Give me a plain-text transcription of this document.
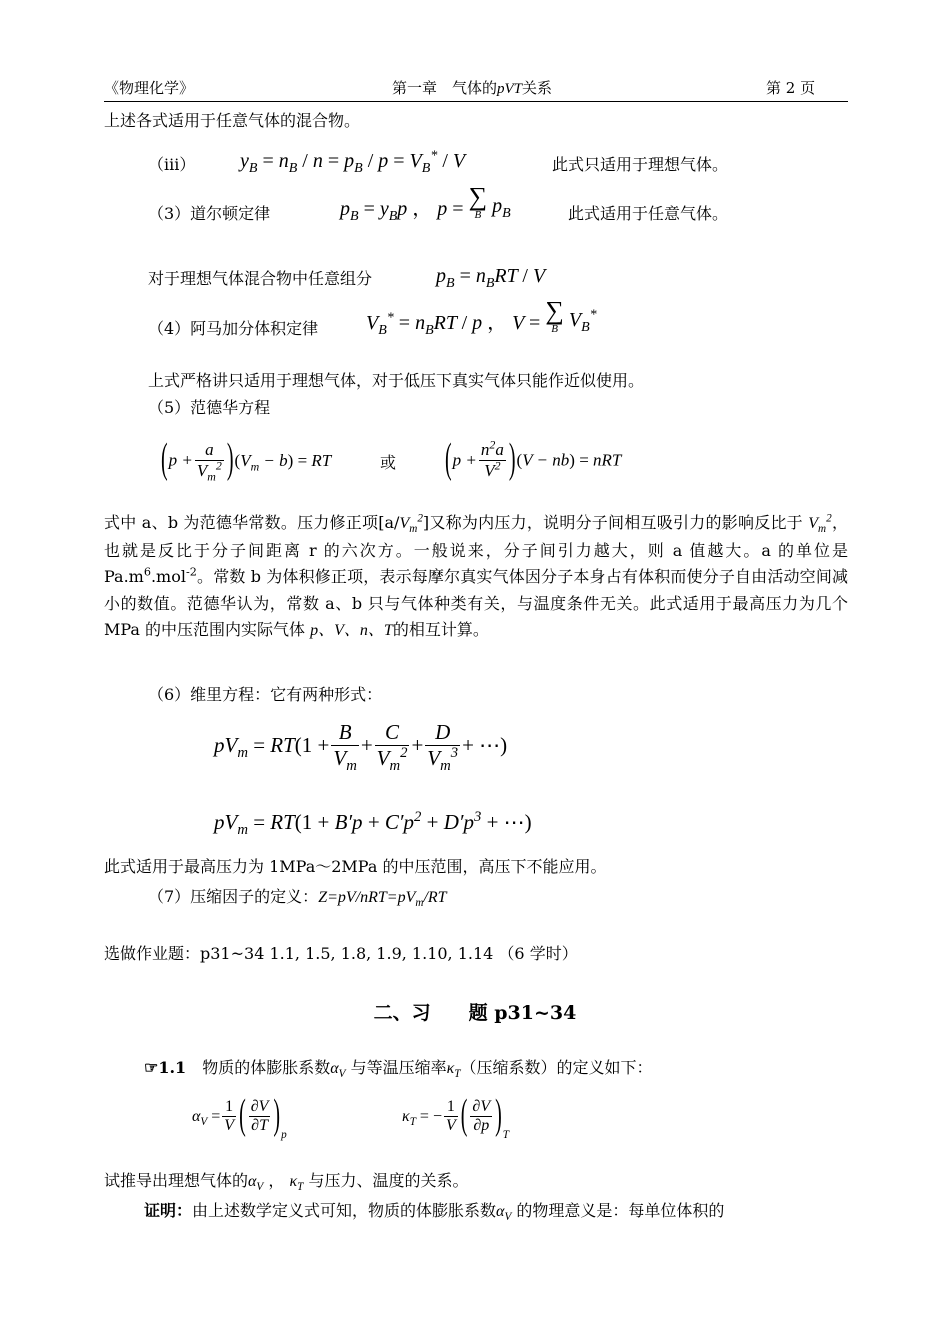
《物理化学》	第一章　气体的pVT关系	第 2 页
上述各式适用于任意气体的混合物。
（iii） $y_B = n_B / n = p_B / p = V_B^* / V$	此式只适用于理想气体。
（3）道尔顿定律	$p_B = y_Bp$ ， p = ∑
B $p_B$	此式适用于任意气体。
对于理想气体混合物中任意组分	$p_B = n_BRT / V$
（4）阿马加分体积定律 $V_B^* = n_BRT / p$ ， V = ∑
B $V_B^*$
上式严格讲只适用于理想气体，对于低压下真实气体只能作近似使用。
（5）范德华方程
$(p + \frac{a}{V_m^2} )(V_m - b)$ = RT	或 $(p + \frac{n^2a}{V^2} )(V - nb)$ = nRT
式中 a、b 为范德华常数。压力修正项$[a/V_m^2]$又称为内压力，说明分子间相互吸引力的影响反比于 $V_m^2$，也就是反比于分子间距离 r 的六次方。一般说来，分子间引力越大，则 a 值越大。a 的单位是 $Pa.m^6.mol^{-2}$。常数 b 为体积修正项，表示每摩尔真实气体因分子本身占有体积而使分子自由活动空间减小的数值。范德华认为，常数 a、b 只与气体种类有关，与温度条件无关。此式适用于最高压力为几个 MPa 的中压范围内实际气体 p、V、n、T的相互计算。
（6）维里方程：它有两种形式：
$pV_m = RT(1 + \frac{B}{V_m} + \frac{C}{V_m^2} + \frac{D}{V_m^3}$ + ⋯)
$pV_m = RT(1 + B'p + C'p^2 + D'p^3$ + ⋯)
此式适用于最高压力为 1MPa～2MPa 的中压范围，高压下不能应用。
（7）压缩因子的定义：$Z=pV/nRT=pV_m/RT$
选做作业题：p31~34 1.1, 1.5, 1.8, 1.9, 1.10, 1.14 （6 学时）
二、习　　题 p31~34
☞1.1　 物质的体膨胀系数$\alpha_V$ 与等温压缩率$\kappa_T$（压缩系数）的定义如下：
$\alpha_V = \frac{1}{V}$ ( $\frac{\partial V}{\partial T} )_p$
$\kappa_T$ = − $\frac{1}{V}$ ( $\frac{\partial V}{\partial p} )_T$
试推导出理想气体的$\alpha_V$ ， $\kappa_T$ 与压力、温度的关系。
证明：由上述数学定义式可知，物质的体膨胀系数$\alpha_V$ 的物理意义是：每单位体积的
